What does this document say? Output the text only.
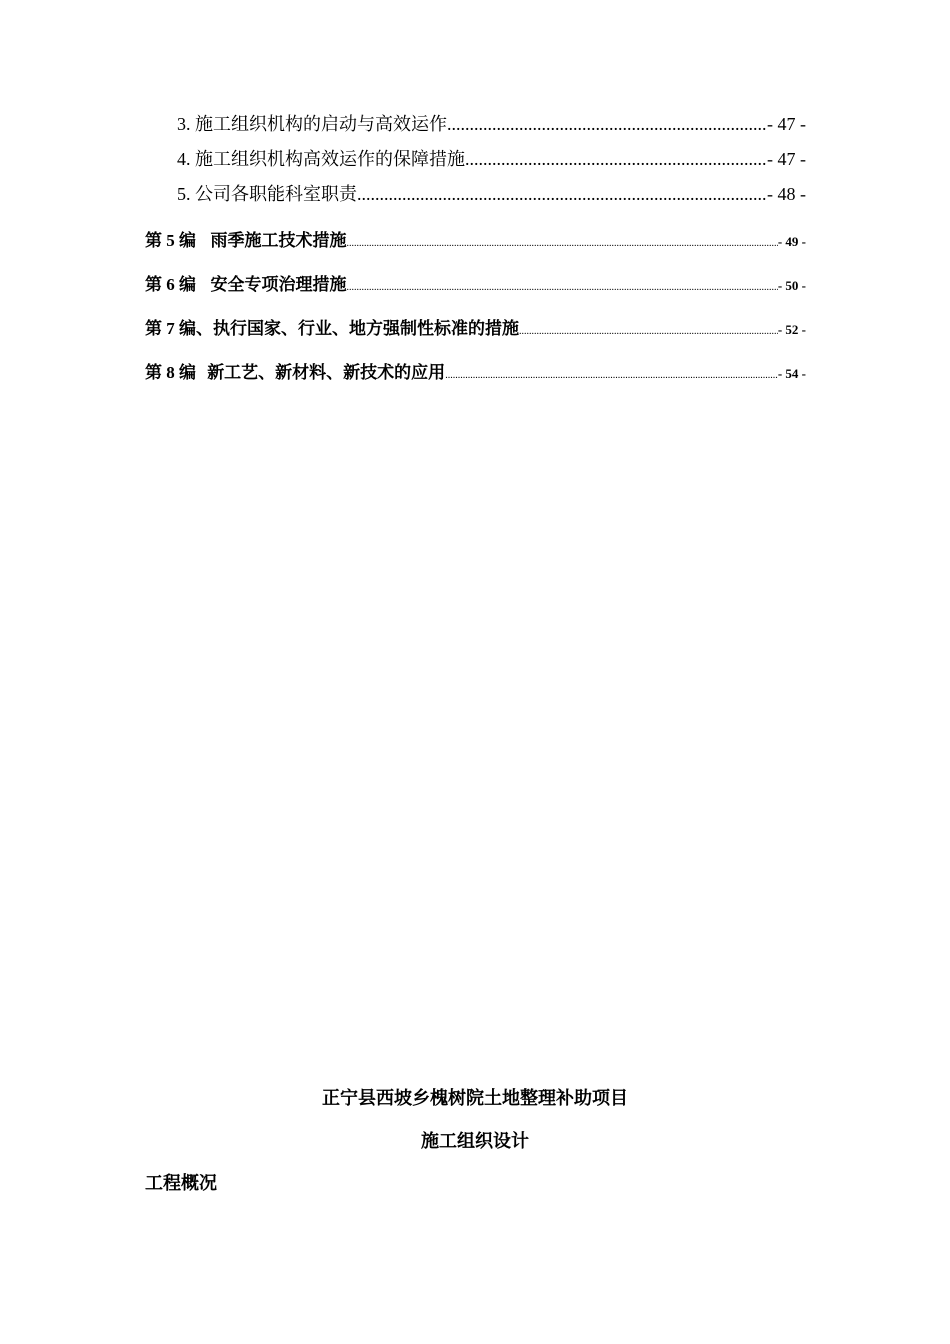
3. 施工组织机构的启动与高效运作 .....	- 47 -
4. 施工组织机构高效运作的保障措施 .....	- 47 -
5. 公司各职能科室职责 .....	- 48 -
第 5 编 雨季施工技术措施 .....	- 49 -
第 6 编 安全专项治理措施 .....	- 50 -
第 7 编、执行国家、行业、地方强制性标准的措施 .....	- 52 -
第 8 编 新工艺、新材料、新技术的应用 .....	- 54 -
正宁县西坡乡槐树院土地整理补助项目
施工组织设计
工程概况
